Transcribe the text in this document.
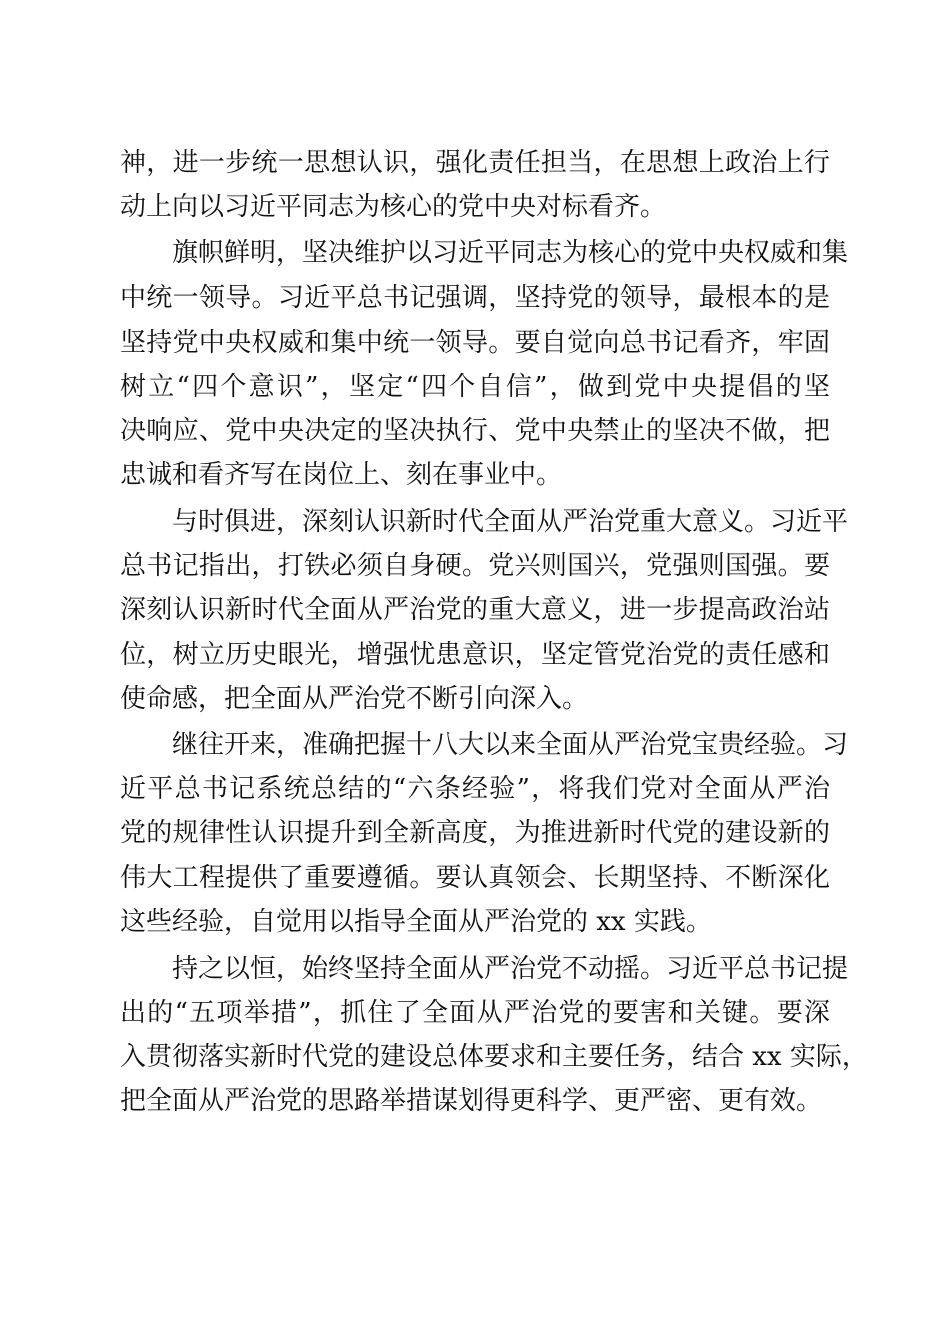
神，进一步统一思想认识，强化责任担当，在思想上政治上行
动上向以习近平同志为核心的党中央对标看齐。
旗帜鲜明，坚决维护以习近平同志为核心的党中央权威和集
中统一领导。习近平总书记强调，坚持党的领导，最根本的是
坚持党中央权威和集中统一领导。要自觉向总书记看齐，牢固
树立“四个意识”，坚定“四个自信”，做到党中央提倡的坚
决响应、党中央决定的坚决执行、党中央禁止的坚决不做，把
忠诚和看齐写在岗位上、刻在事业中。
与时俱进，深刻认识新时代全面从严治党重大意义。习近平
总书记指出，打铁必须自身硬。党兴则国兴，党强则国强。要
深刻认识新时代全面从严治党的重大意义，进一步提高政治站
位，树立历史眼光，增强忧患意识，坚定管党治党的责任感和
使命感，把全面从严治党不断引向深入。
继往开来，准确把握十八大以来全面从严治党宝贵经验。习
近平总书记系统总结的“六条经验”，将我们党对全面从严治
党的规律性认识提升到全新高度，为推进新时代党的建设新的
伟大工程提供了重要遵循。要认真领会、长期坚持、不断深化
这些经验，自觉用以指导全面从严治党的 xx 实践。
持之以恒，始终坚持全面从严治党不动摇。习近平总书记提
出的“五项举措”，抓住了全面从严治党的要害和关键。要深
入贯彻落实新时代党的建设总体要求和主要任务，结合 xx 实际，
把全面从严治党的思路举措谋划得更科学、更严密、更有效。
